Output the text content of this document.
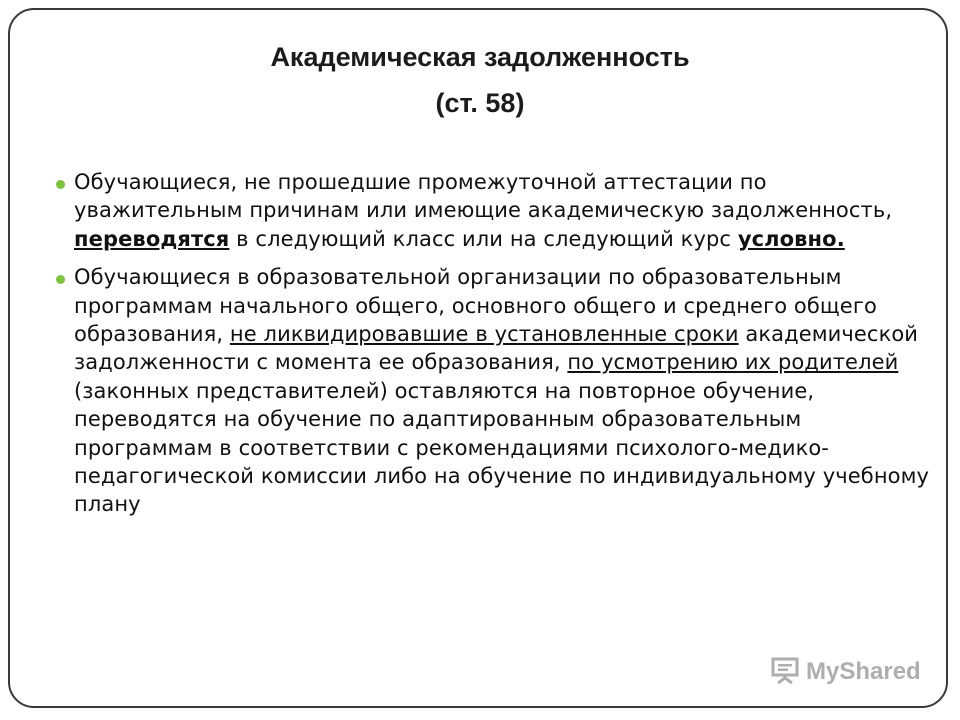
Академическая задолженность
(ст. 58)
Обучающиеся, не прошедшие промежуточной аттестации по уважительным причинам или имеющие академическую задолженность, переводятся в следующий класс или на следующий курс условно.
Обучающиеся в образовательной организации по образовательным программам начального общего, основного общего и среднего общего образования, не ликвидировавшие в установленные сроки академической задолженности с момента ее образования, по усмотрению их родителей (законных представителей) оставляются на повторное обучение, переводятся на обучение по адаптированным образовательным программам в соответствии с рекомендациями психолого-медико-педагогической комиссии либо на обучение по индивидуальному учебному плану
MyShared
